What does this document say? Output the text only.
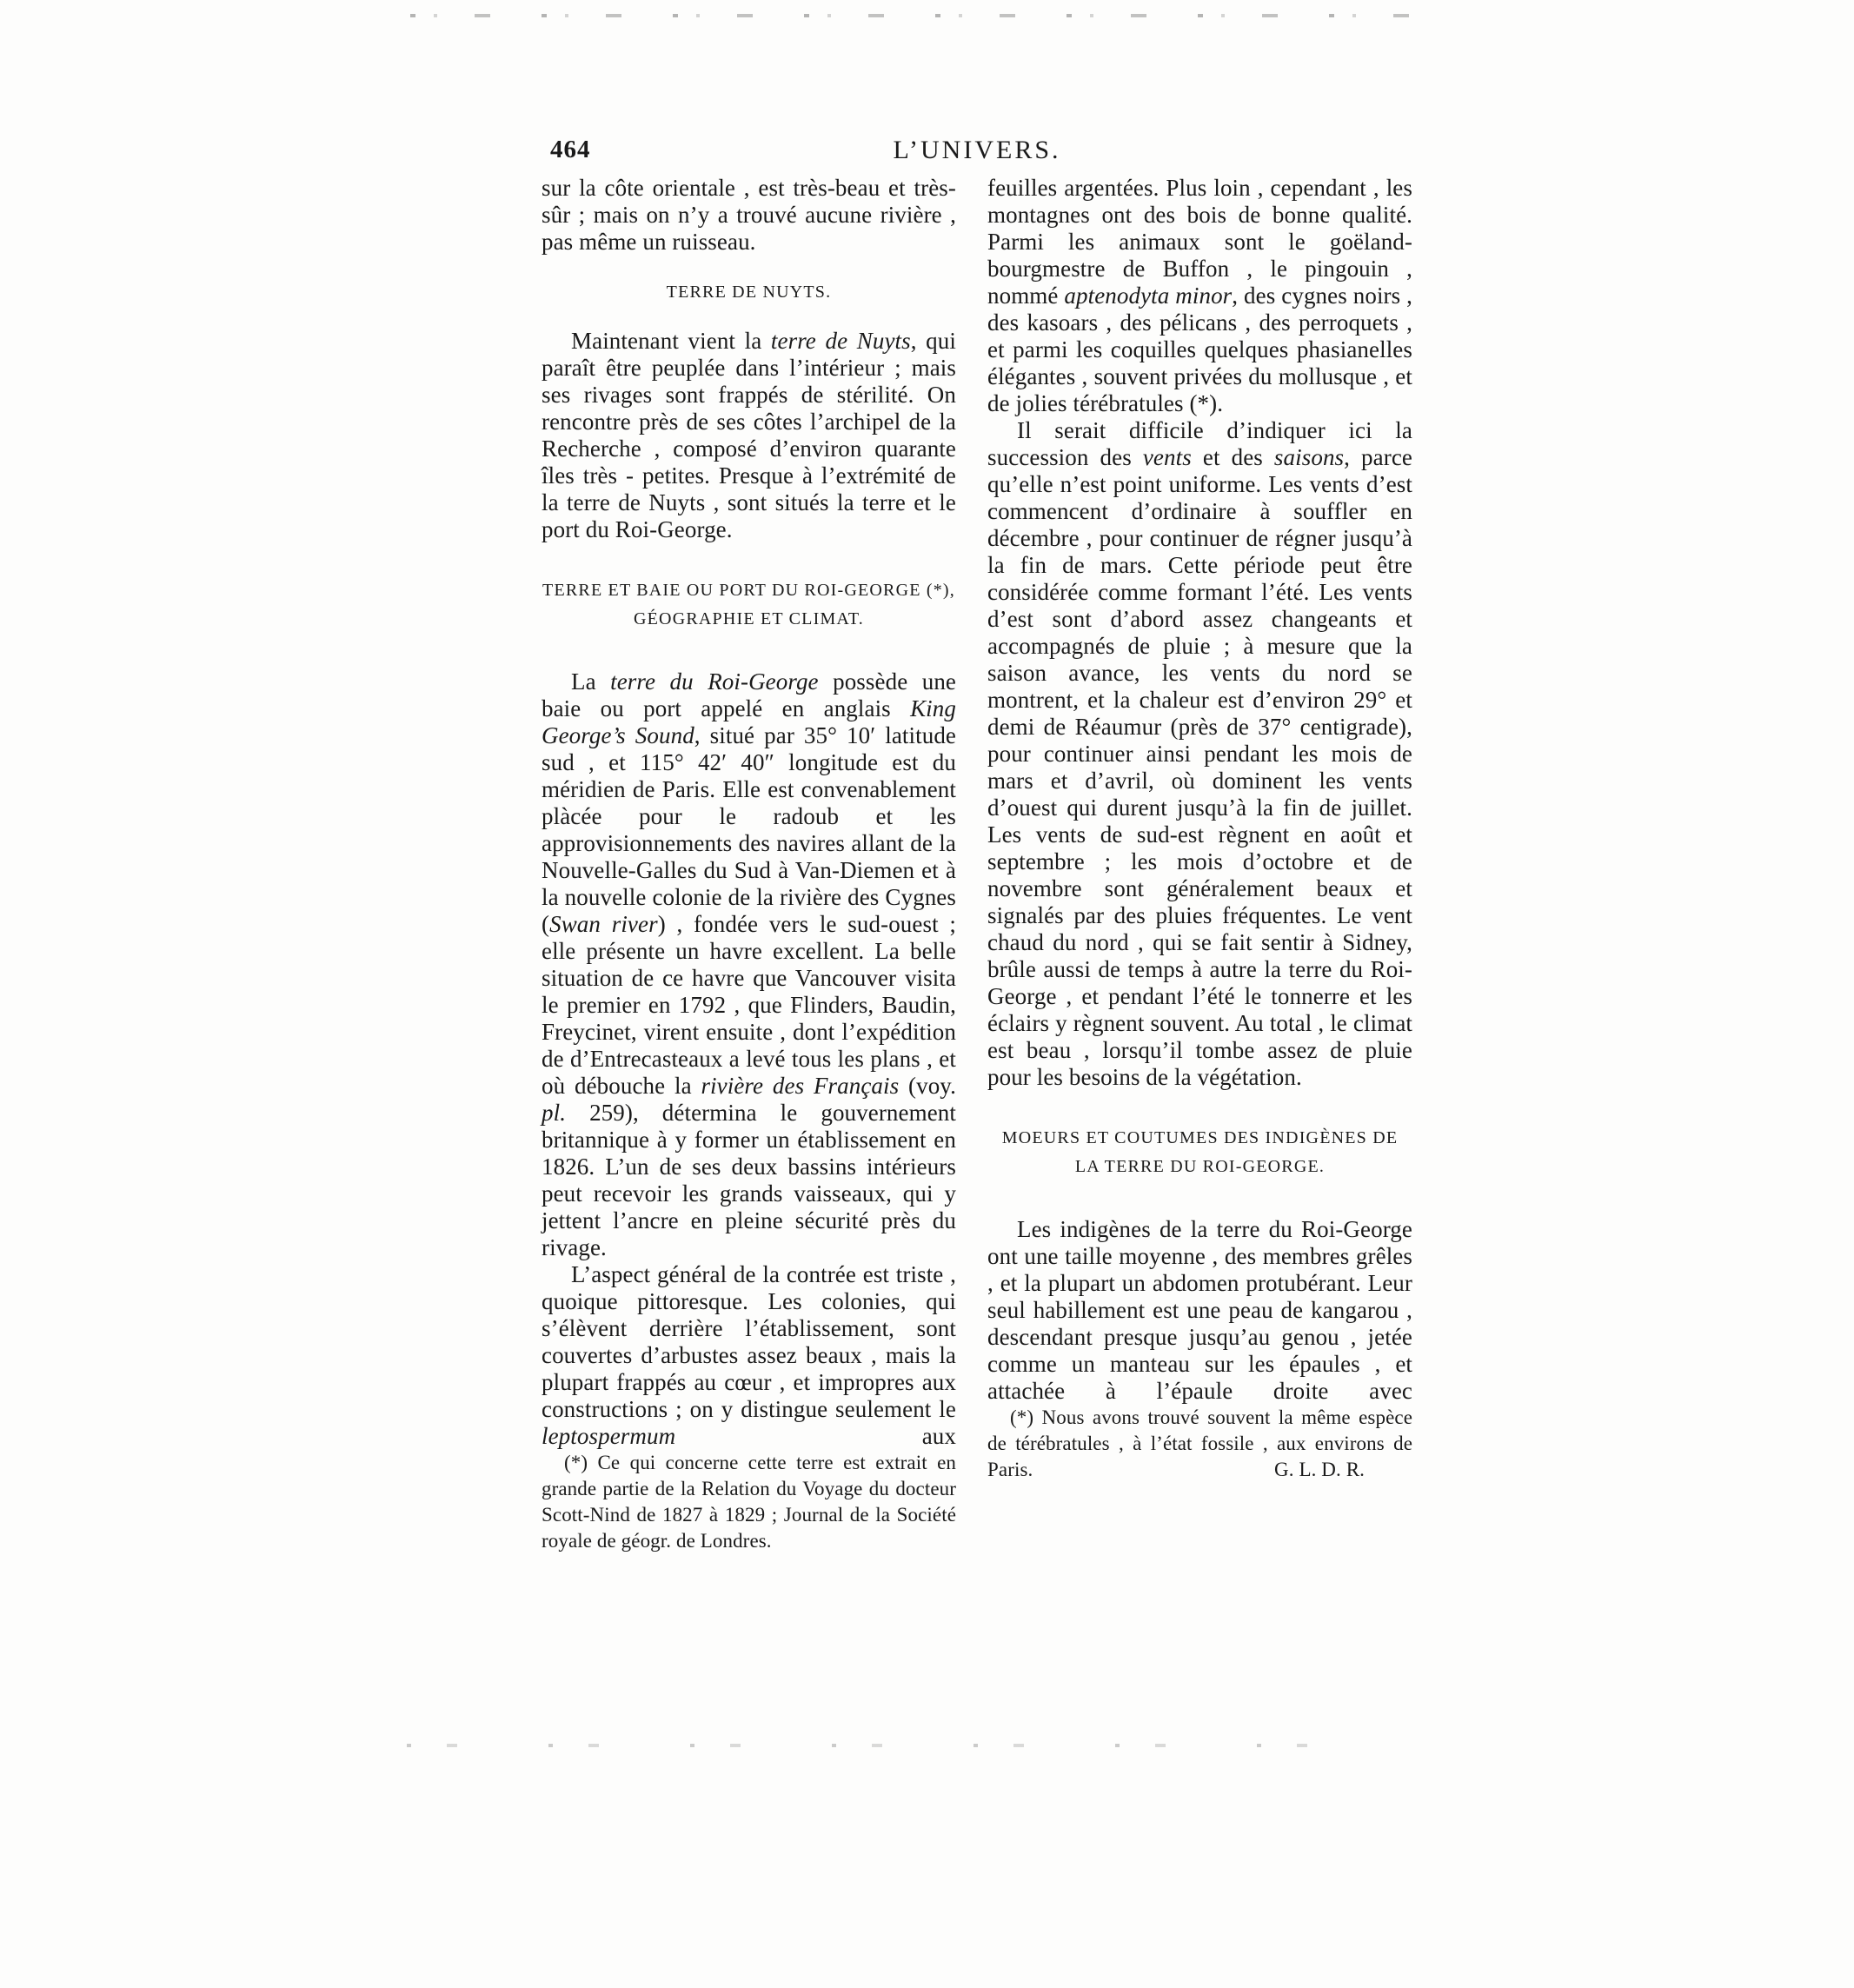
464	L’UNIVERS.

sur la côte orientale , est très-beau et très-sûr ; mais on n’y a trouvé aucune rivière , pas même un ruisseau.

TERRE DE NUYTS.

Maintenant vient la terre de Nuyts, qui paraît être peuplée dans l’intérieur ; mais ses rivages sont frappés de stérilité. On rencontre près de ses côtes l’archipel de la Recherche , composé d’environ quarante îles très - petites. Presque à l’extrémité de la terre de Nuyts , sont situés la terre et le port du Roi-George.

TERRE ET BAIE OU PORT DU ROI-GEORGE (*),
GÉOGRAPHIE ET CLIMAT.

La terre du Roi-George possède une baie ou port appelé en anglais King George’s Sound, situé par 35° 10′ latitude sud , et 115° 42′ 40″ longitude est du méridien de Paris. Elle est convenablement plàcée pour le radoub et les approvisionnements des navires allant de la Nouvelle-Galles du Sud à Van-Diemen et à la nouvelle colonie de la rivière des Cygnes (Swan river) , fondée vers le sud-ouest ; elle présente un havre excellent. La belle situation de ce havre que Vancouver visita le premier en 1792 , que Flinders, Baudin, Freycinet, virent ensuite , dont l’expédition de d’Entrecasteaux a levé tous les plans , et où débouche la rivière des Français (voy. pl. 259), détermina le gouvernement britannique à y former un établissement en 1826. L’un de ses deux bassins intérieurs peut recevoir les grands vaisseaux, qui y jettent l’ancre en pleine sécurité près du rivage.

L’aspect général de la contrée est triste , quoique pittoresque. Les colonies, qui s’élèvent derrière l’établissement, sont couvertes d’arbustes assez beaux , mais la plupart frappés au cœur , et impropres aux constructions ; on y distingue seulement le leptospermum aux

(*) Ce qui concerne cette terre est extrait en grande partie de la Relation du Voyage du docteur Scott-Nind de 1827 à 1829 ; Journal de la Société royale de géogr. de Londres.

feuilles argentées. Plus loin , cependant , les montagnes ont des bois de bonne qualité. Parmi les animaux sont le goëland-bourgmestre de Buffon , le pingouin , nommé aptenodyta minor, des cygnes noirs , des kasoars , des pélicans , des perroquets , et parmi les coquilles quelques phasianelles élégantes , souvent privées du mollusque , et de jolies térébratules (*).

Il serait difficile d’indiquer ici la succession des vents et des saisons, parce qu’elle n’est point uniforme. Les vents d’est commencent d’ordinaire à souffler en décembre , pour continuer de régner jusqu’à la fin de mars. Cette période peut être considérée comme formant l’été. Les vents d’est sont d’abord assez changeants et accompagnés de pluie ; à mesure que la saison avance, les vents du nord se montrent, et la chaleur est d’environ 29° et demi de Réaumur (près de 37° centigrade), pour continuer ainsi pendant les mois de mars et d’avril, où dominent les vents d’ouest qui durent jusqu’à la fin de juillet. Les vents de sud-est règnent en août et septembre ; les mois d’octobre et de novembre sont généralement beaux et signalés par des pluies fréquentes. Le vent chaud du nord , qui se fait sentir à Sidney, brûle aussi de temps à autre la terre du Roi-George , et pendant l’été le tonnerre et les éclairs y règnent souvent. Au total , le climat est beau , lorsqu’il tombe assez de pluie pour les besoins de la végétation.

MOEURS ET COUTUMES DES INDIGÈNES DE
LA TERRE DU ROI-GEORGE.

Les indigènes de la terre du Roi-George ont une taille moyenne , des membres grêles , et la plupart un abdomen protubérant. Leur seul habillement est une peau de kangarou , descendant presque jusqu’au genou , jetée comme un manteau sur les épaules , et attachée à l’épaule droite avec

(*) Nous avons trouvé souvent la même espèce de térébratules , à l’état fossile , aux environs de Paris.	G. L. D. R.
